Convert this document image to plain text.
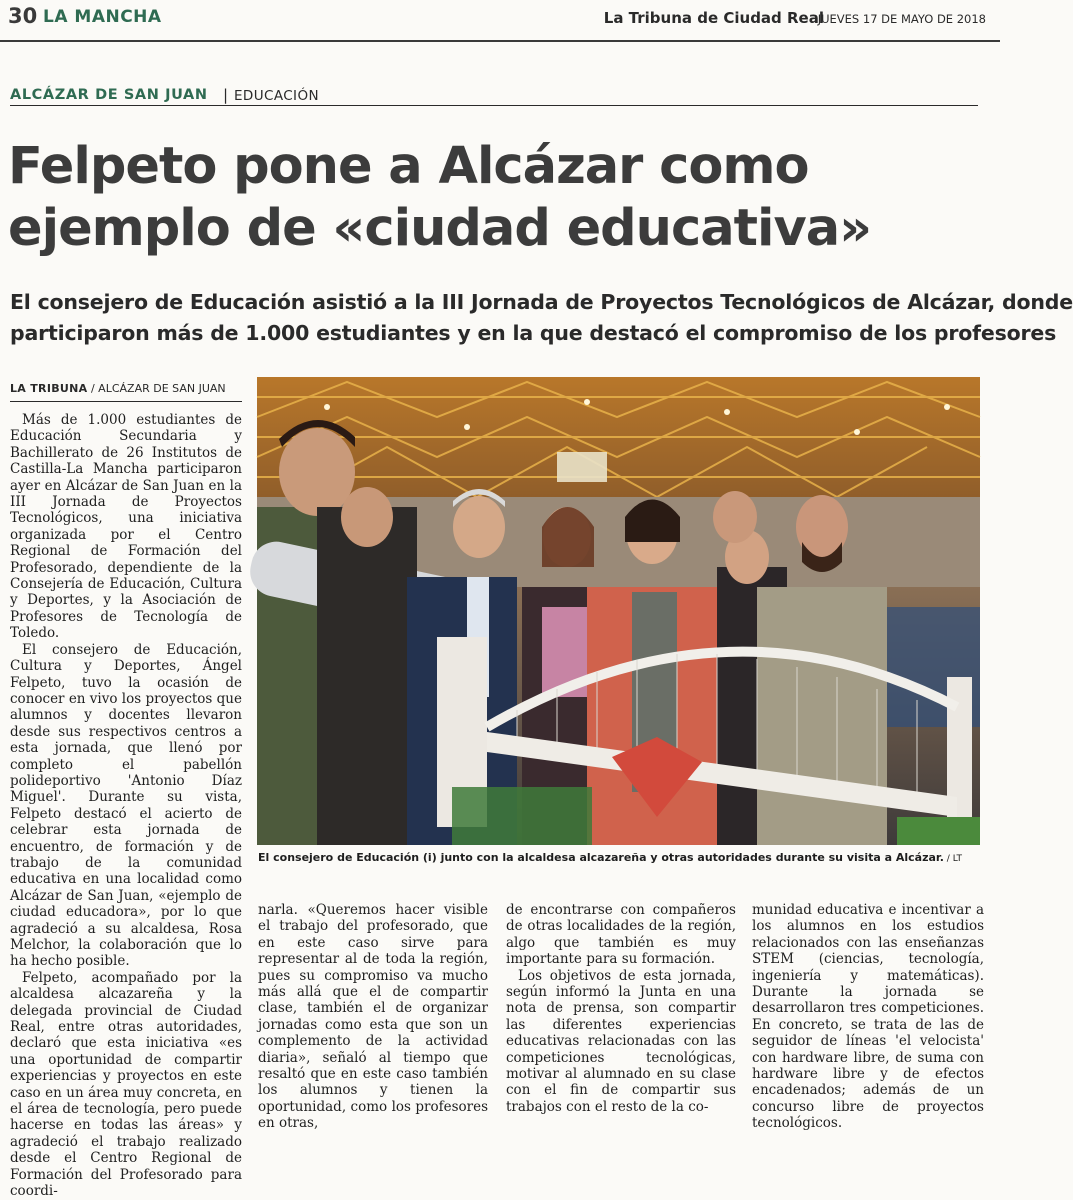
30 LA MANCHA	La Tribuna de Ciudad Real
JUEVES 17 DE MAYO DE 2018
ALCÁZAR DE SAN JUAN | EDUCACIÓN
Felpeto pone a Alcázar como
ejemplo de «ciudad educativa»
El consejero de Educación asistió a la III Jornada de Proyectos Tecnológicos de Alcázar, donde
participaron más de 1.000 estudiantes y en la que destacó el compromiso de los profesores
LA TRIBUNA / ALCÁZAR DE SAN JUAN

Más de 1.000 estudiantes de Educación Secundaria y Bachillerato de 26 Institutos de Castilla-La Mancha participaron ayer en Alcázar de San Juan en la III Jornada de Proyectos Tecnológicos, una iniciativa organizada por el Centro Regional de Formación del Profesorado, dependiente de la Consejería de Educación, Cultura y Deportes, y la Asociación de Profesores de Tecnología de Toledo.

El consejero de Educación, Cultura y Deportes, Ángel Felpeto, tuvo la ocasión de conocer en vivo los proyectos que alumnos y docentes llevaron desde sus respectivos centros a esta jornada, que llenó por completo el pabellón polideportivo 'Antonio Díaz Miguel'. Durante su vista, Felpeto destacó el acierto de celebrar esta jornada de encuentro, de formación y de trabajo de la comunidad educativa en una localidad como Alcázar de San Juan, «ejemplo de ciudad educadora», por lo que agradeció a su alcaldesa, Rosa Melchor, la colaboración que lo ha hecho posible.

Felpeto, acompañado por la alcaldesa alcazareña y la delegada provincial de Ciudad Real, entre otras autoridades, declaró que esta iniciativa «es una oportunidad de compartir experiencias y proyectos en este caso en un área muy concreta, en el área de tecnología, pero puede hacerse en todas las áreas» y agradeció el trabajo realizado desde el Centro Regional de Formación del Profesorado para coordi-

El consejero de Educación (i) junto con la alcaldesa alcazareña y otras autoridades durante su visita a Alcázar. / LT

narla. «Queremos hacer visible el trabajo del profesorado, que en este caso sirve para representar al de toda la región, pues su compromiso va mucho más allá que el de compartir clase, también el de organizar jornadas como esta que son un complemento de la actividad diaria», señaló al tiempo que resaltó que en este caso también los alumnos y tienen la oportunidad, como los profesores en otras,

de encontrarse con compañeros de otras localidades de la región, algo que también es muy importante para su formación.

Los objetivos de esta jornada, según informó la Junta en una nota de prensa, son compartir las diferentes experiencias educativas relacionadas con las competiciones tecnológicas, motivar al alumnado en su clase con el fin de compartir sus trabajos con el resto de la co-

munidad educativa e incentivar a los alumnos en los estudios relacionados con las enseñanzas STEM (ciencias, tecnología, ingeniería y matemáticas). Durante la jornada se desarrollaron tres competiciones. En concreto, se trata de las de seguidor de líneas 'el velocista' con hardware libre, de suma con hardware libre y de efectos encadenados; además de un concurso libre de proyectos tecnológicos.
